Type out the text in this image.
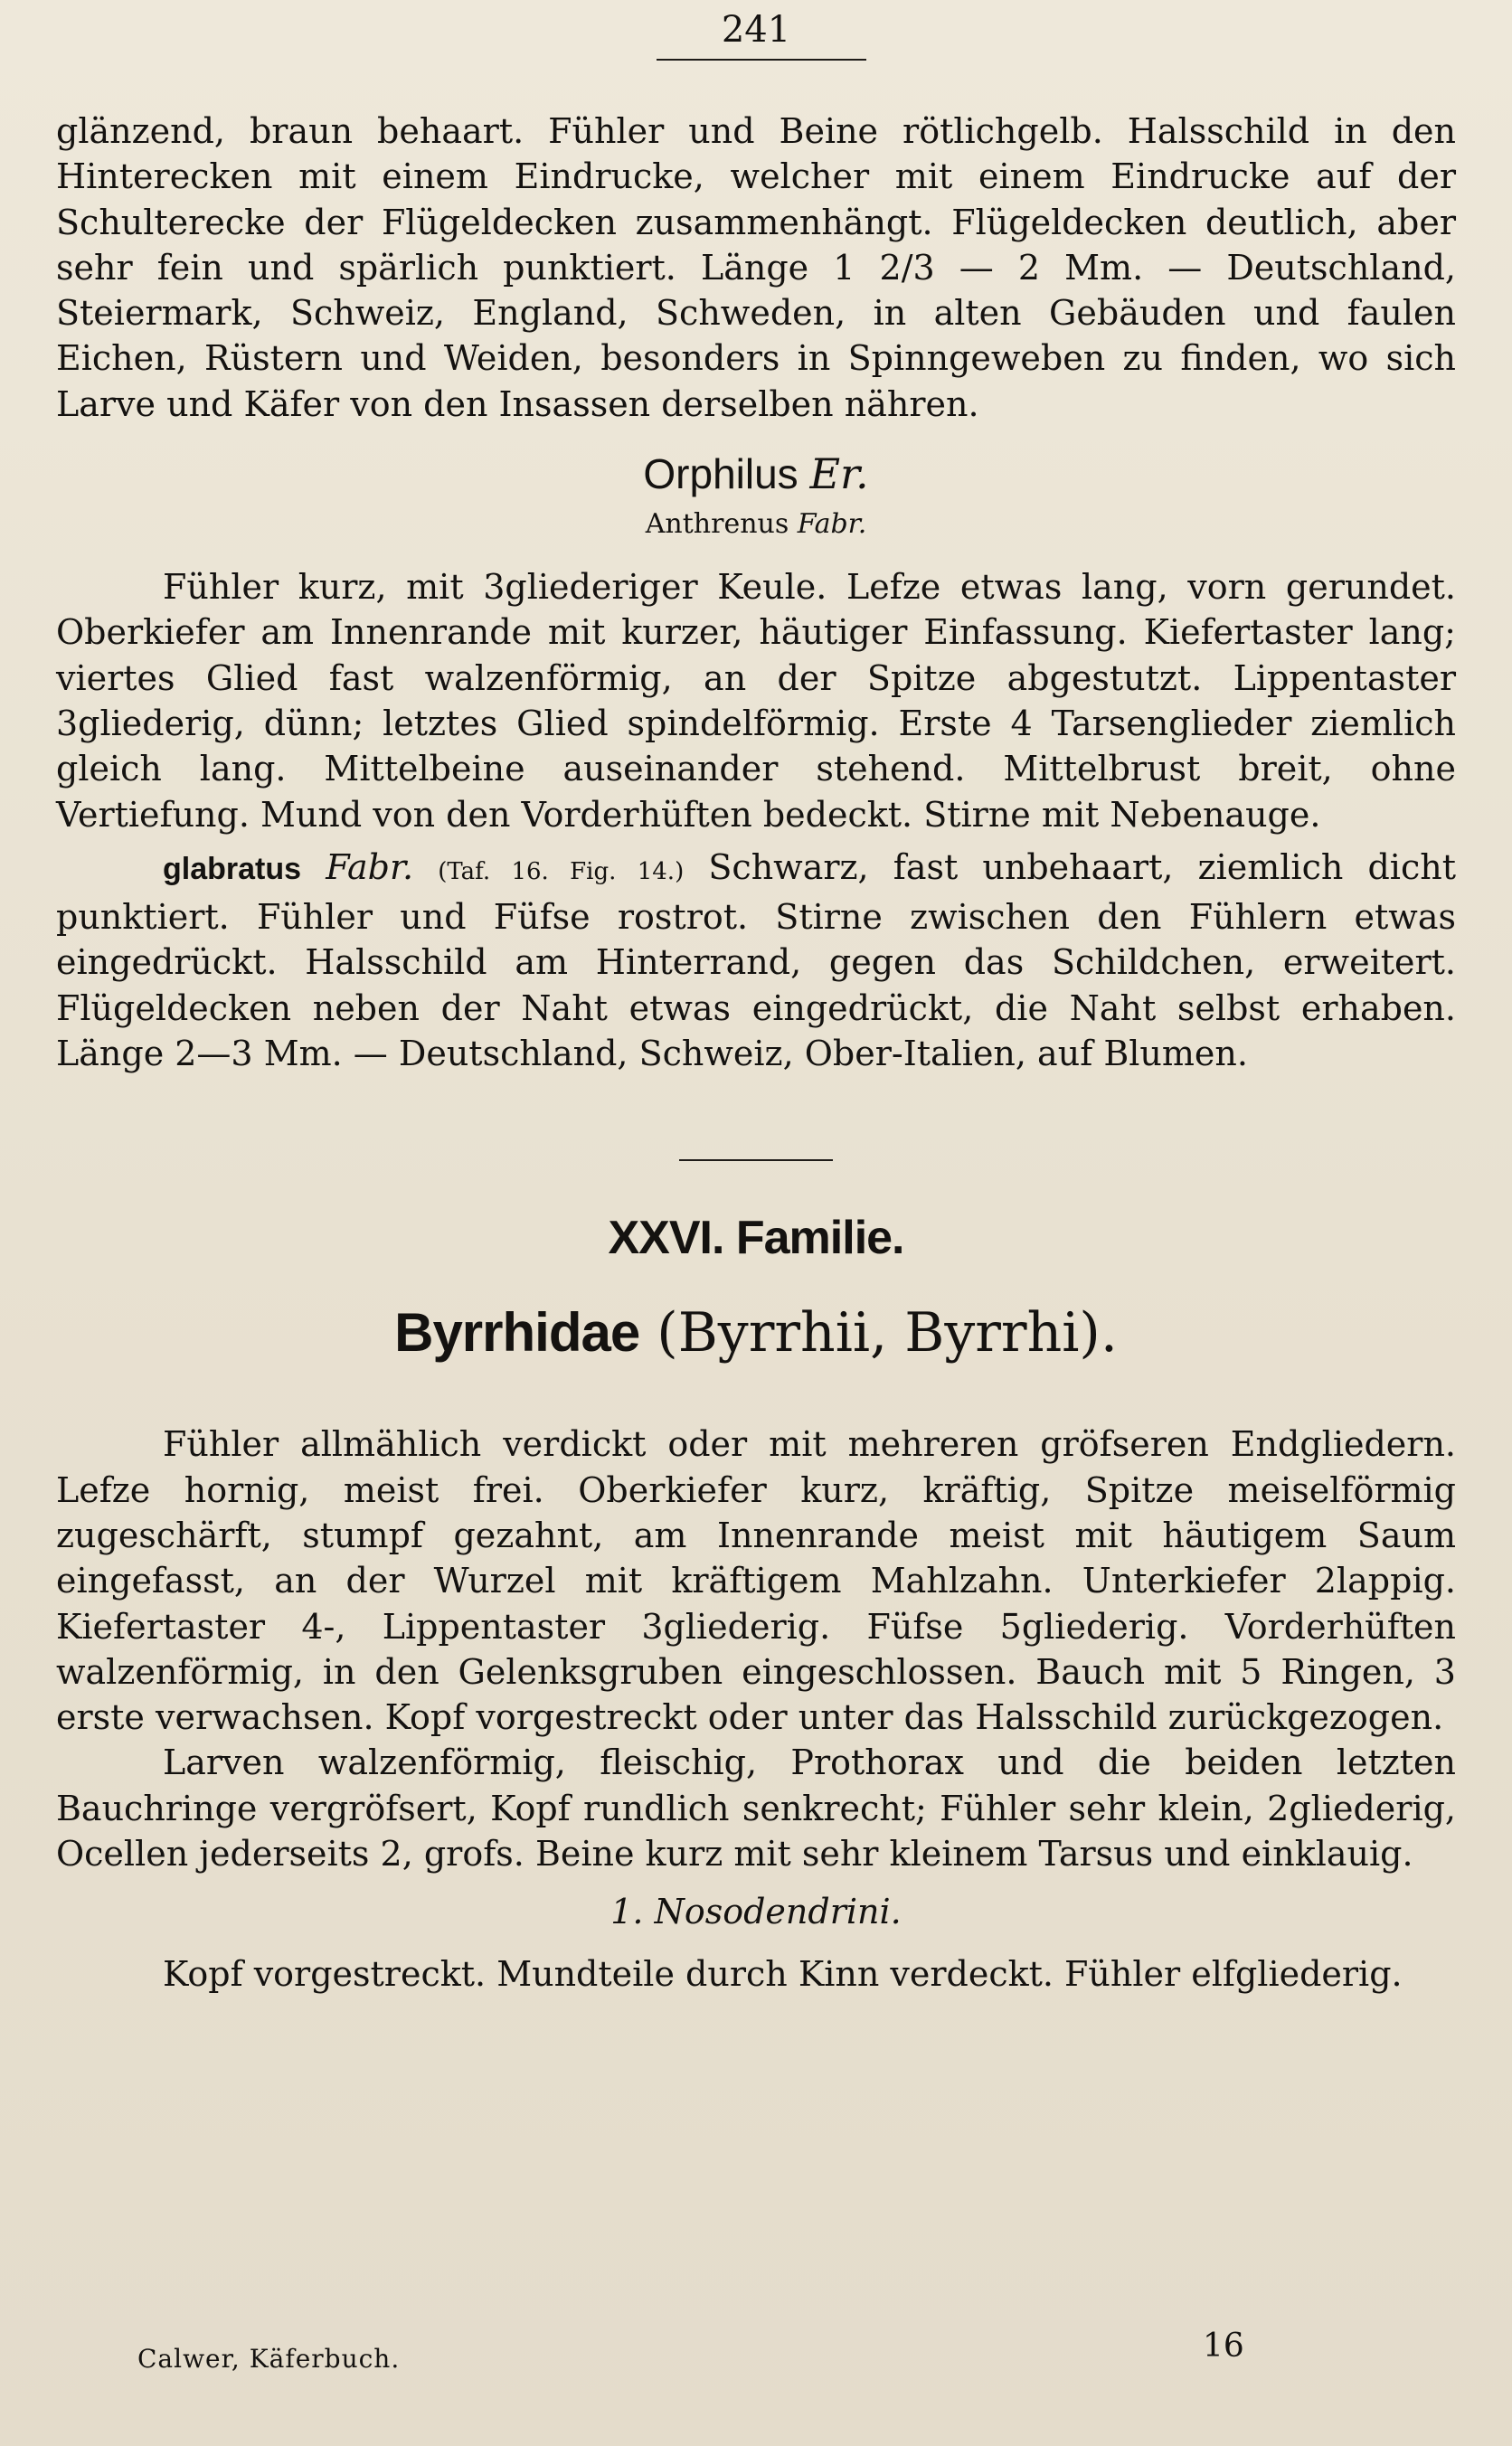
241

glänzend, braun behaart. Fühler und Beine rötlichgelb. Halsschild in den Hinterecken mit einem Eindrucke, welcher mit einem Eindrucke auf der Schulterecke der Flügeldecken zusammenhängt. Flügeldecken deutlich, aber sehr fein und spärlich punktiert. Länge 1 2/3 — 2 Mm. — Deutschland, Steiermark, Schweiz, England, Schweden, in alten Gebäuden und faulen Eichen, Rüstern und Weiden, besonders in Spinngeweben zu finden, wo sich Larve und Käfer von den Insassen derselben nähren.

Orphilus Er.

Anthrenus Fabr.

Fühler kurz, mit 3gliederiger Keule. Lefze etwas lang, vorn gerundet. Oberkiefer am Innenrande mit kurzer, häutiger Einfassung. Kiefertaster lang; viertes Glied fast walzenförmig, an der Spitze abgestutzt. Lippentaster 3gliederig, dünn; letztes Glied spindelförmig. Erste 4 Tarsenglieder ziemlich gleich lang. Mittelbeine auseinander stehend. Mittelbrust breit, ohne Vertiefung. Mund von den Vorderhüften bedeckt. Stirne mit Nebenauge.

glabratus Fabr. (Taf. 16. Fig. 14.) Schwarz, fast unbehaart, ziemlich dicht punktiert. Fühler und Füfse rostrot. Stirne zwischen den Fühlern etwas eingedrückt. Halsschild am Hinterrand, gegen das Schildchen, erweitert. Flügeldecken neben der Naht etwas eingedrückt, die Naht selbst erhaben. Länge 2—3 Mm. — Deutschland, Schweiz, Ober-Italien, auf Blumen.

XXVI. Familie.

Byrrhidae (Byrrhii, Byrrhi).

Fühler allmählich verdickt oder mit mehreren gröfseren Endgliedern. Lefze hornig, meist frei. Oberkiefer kurz, kräftig, Spitze meiselförmig zugeschärft, stumpf gezahnt, am Innenrande meist mit häutigem Saum eingefasst, an der Wurzel mit kräftigem Mahlzahn. Unterkiefer 2lappig. Kiefertaster 4-, Lippentaster 3gliederig. Füfse 5gliederig. Vorderhüften walzenförmig, in den Gelenksgruben eingeschlossen. Bauch mit 5 Ringen, 3 erste verwachsen. Kopf vorgestreckt oder unter das Halsschild zurückgezogen.

Larven walzenförmig, fleischig, Prothorax und die beiden letzten Bauchringe vergröfsert, Kopf rundlich senkrecht; Fühler sehr klein, 2gliederig, Ocellen jederseits 2, grofs. Beine kurz mit sehr kleinem Tarsus und einklauig.

1. Nosodendrini.

Kopf vorgestreckt. Mundteile durch Kinn verdeckt. Fühler elfgliederig.

Calwer, Käferbuch.	16
